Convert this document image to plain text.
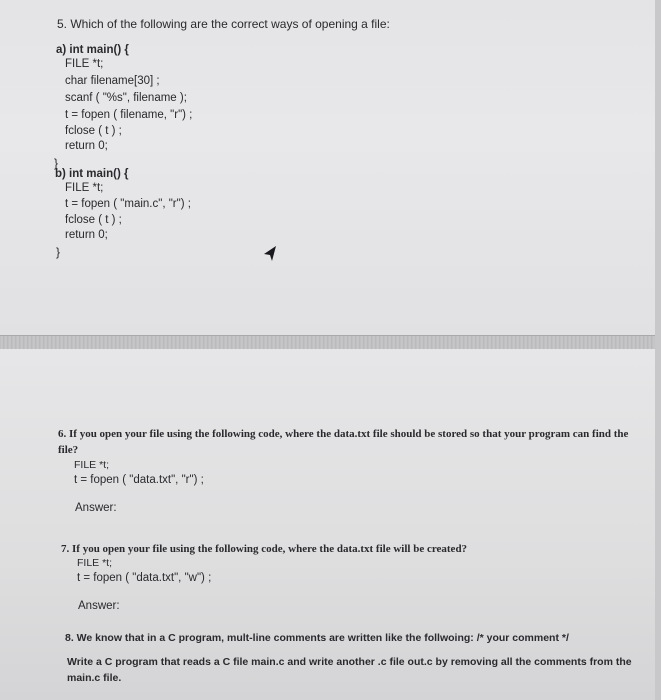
5. Which of the following are the correct ways of opening a file:
a) int main() {
FILE *t;
char filename[30] ;
scanf ( "%s", filename );
t = fopen ( filename, "r") ;
fclose ( t ) ;
return 0;
}
b) int main() {
FILE *t;
t = fopen ( "main.c", "r") ;
fclose ( t ) ;
return 0;
}
6. If you open your file using the following code, where the data.txt file should be stored so that your program can find the
file?
FILE *t;
t = fopen ( "data.txt", "r") ;
Answer:
7. If you open your file using the following code, where the data.txt file will be created?
FILE *t;
t = fopen ( "data.txt", "w") ;
Answer:
8. We know that in a C program, mult-line comments are written like the follwoing: /* your comment */
Write a C program that reads a C file main.c and write another .c file out.c by removing all the comments from the
main.c file.
